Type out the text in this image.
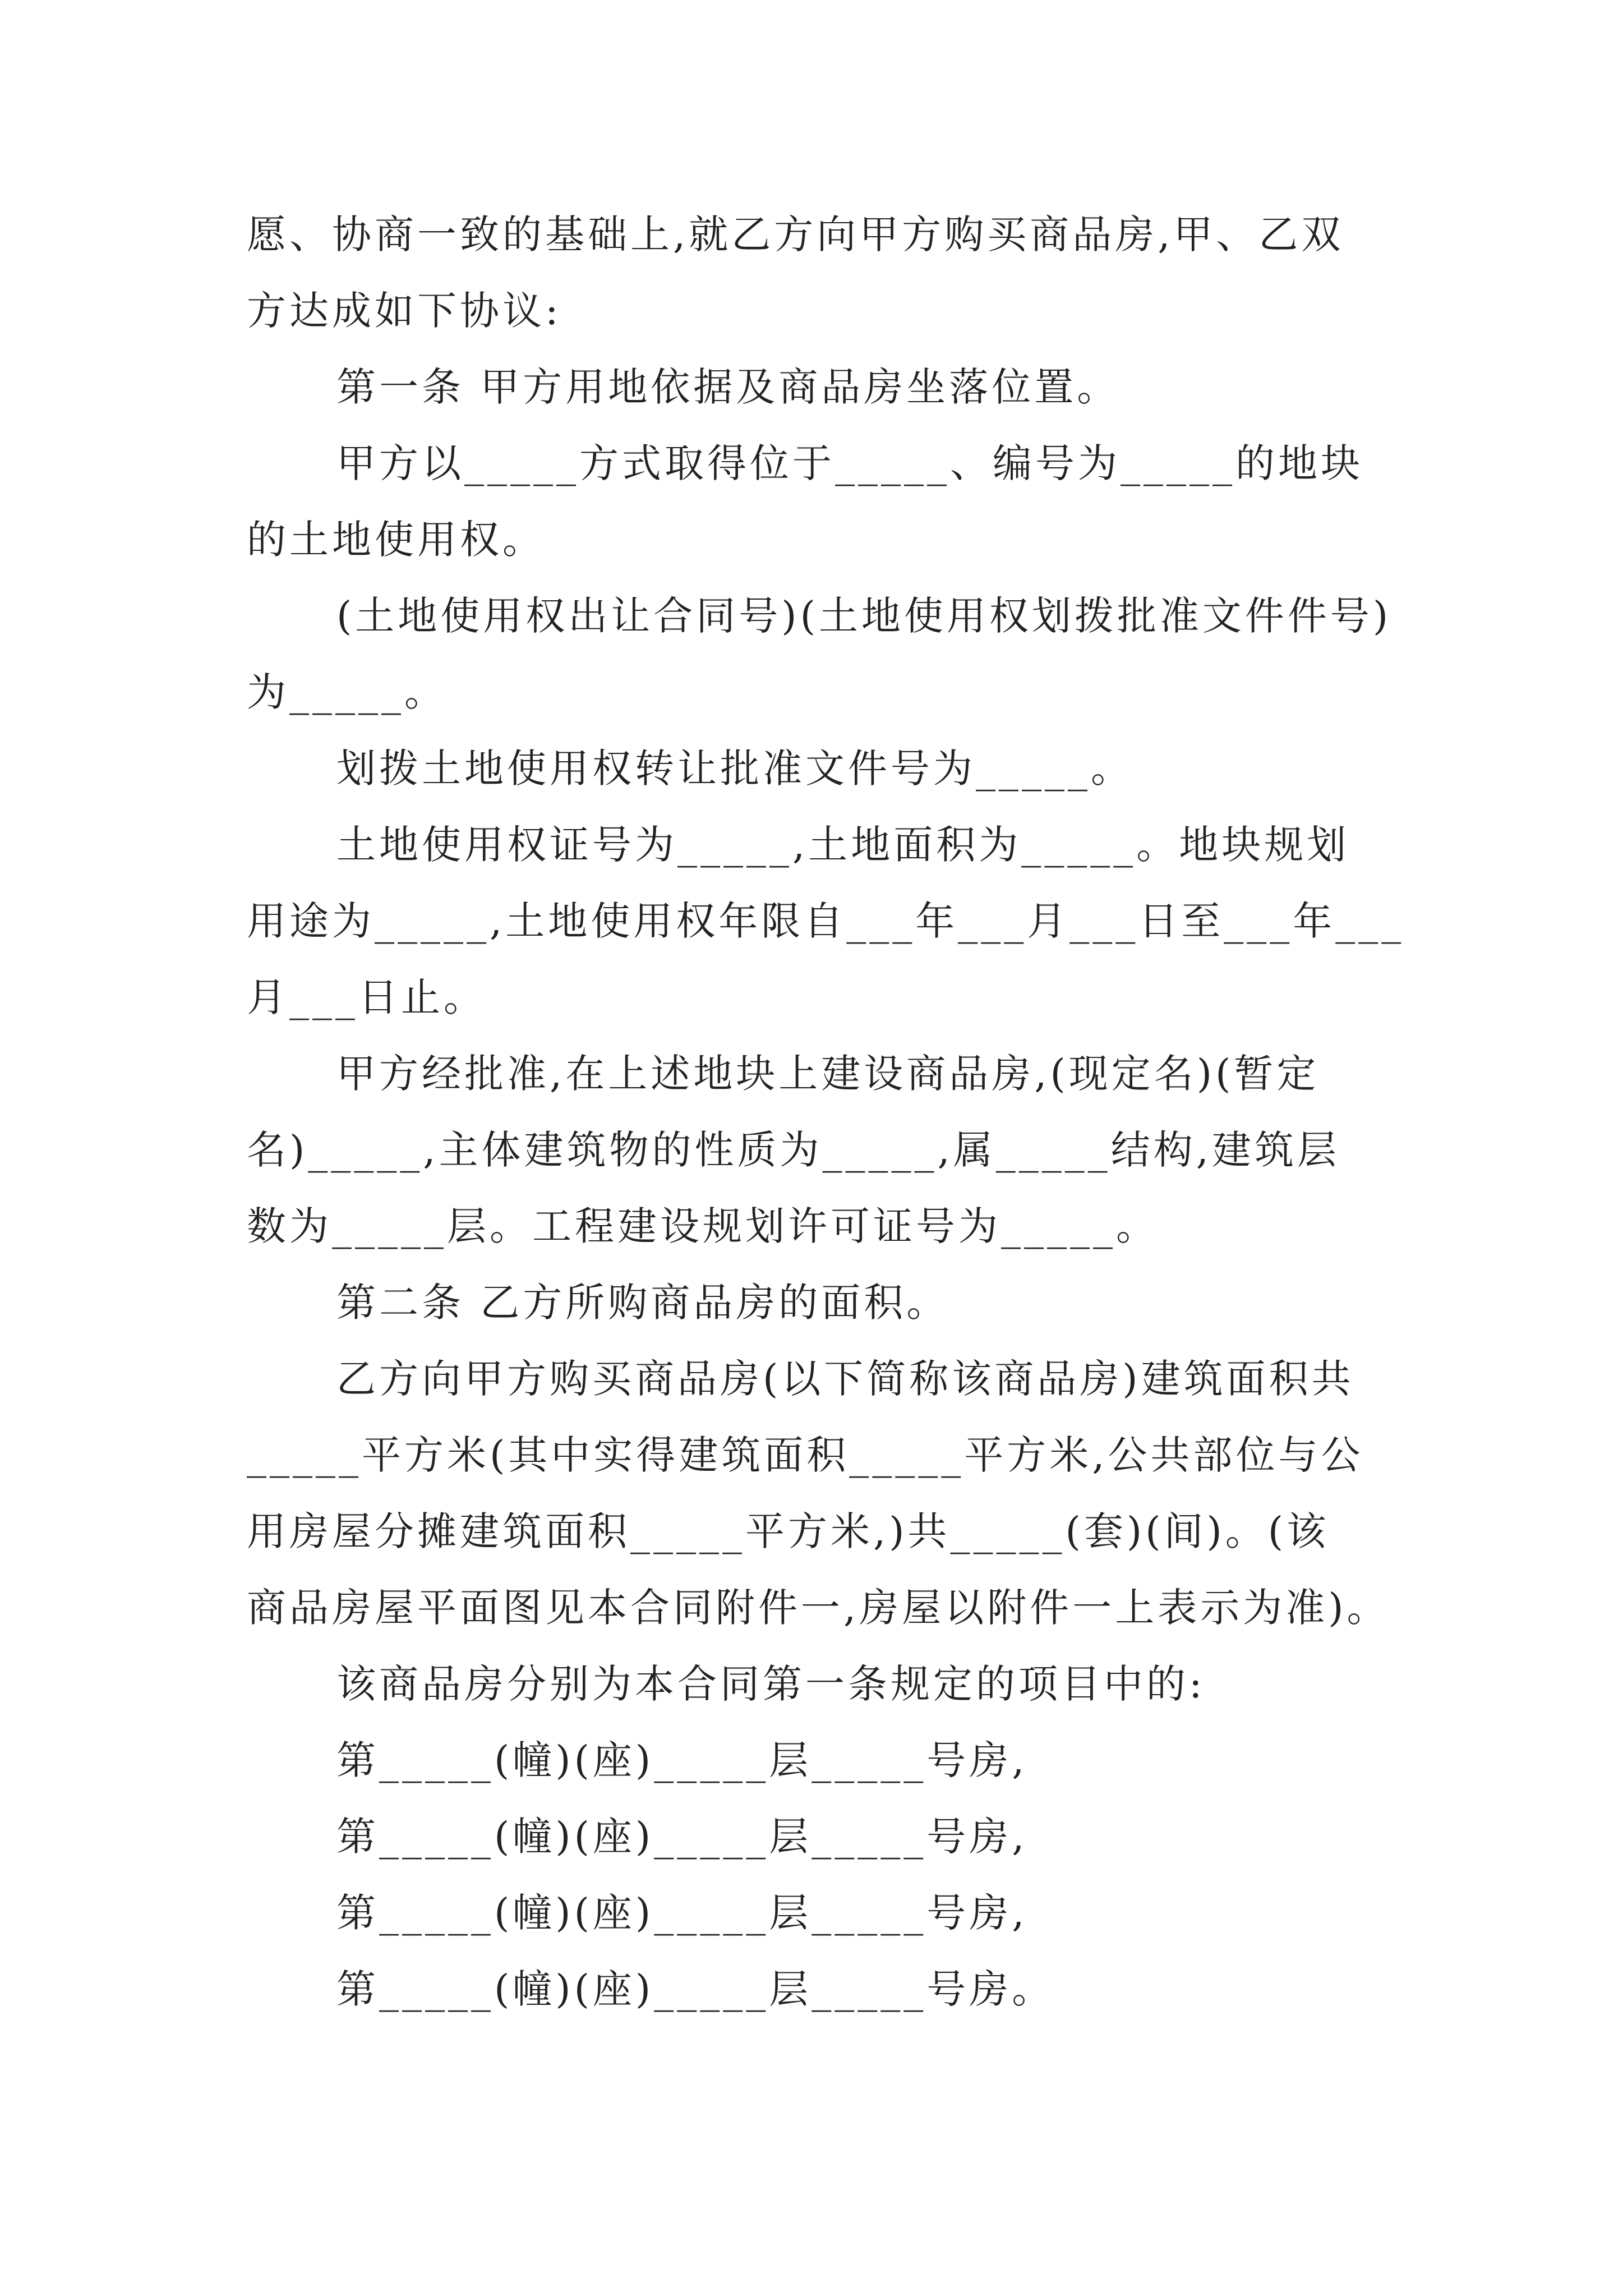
愿、协商一致的基础上,就乙方向甲方购买商品房,甲、乙双
方达成如下协议:
第一条 甲方用地依据及商品房坐落位置。
甲方以_____方式取得位于_____、编号为_____的地块
的土地使用权。
(土地使用权出让合同号)(土地使用权划拨批准文件件号)
为_____。
划拨土地使用权转让批准文件号为_____。
土地使用权证号为_____,土地面积为_____。地块规划
用途为_____,土地使用权年限自___年___月___日至___年___
月___日止。
甲方经批准,在上述地块上建设商品房,(现定名)(暂定
名)_____,主体建筑物的性质为_____,属_____结构,建筑层
数为_____层。工程建设规划许可证号为_____。
第二条 乙方所购商品房的面积。
乙方向甲方购买商品房(以下简称该商品房)建筑面积共
_____平方米(其中实得建筑面积_____平方米,公共部位与公
用房屋分摊建筑面积_____平方米,)共_____(套)(间)。(该
商品房屋平面图见本合同附件一,房屋以附件一上表示为准)。
该商品房分别为本合同第一条规定的项目中的:
第_____(幢)(座)_____层_____号房,
第_____(幢)(座)_____层_____号房,
第_____(幢)(座)_____层_____号房,
第_____(幢)(座)_____层_____号房。
